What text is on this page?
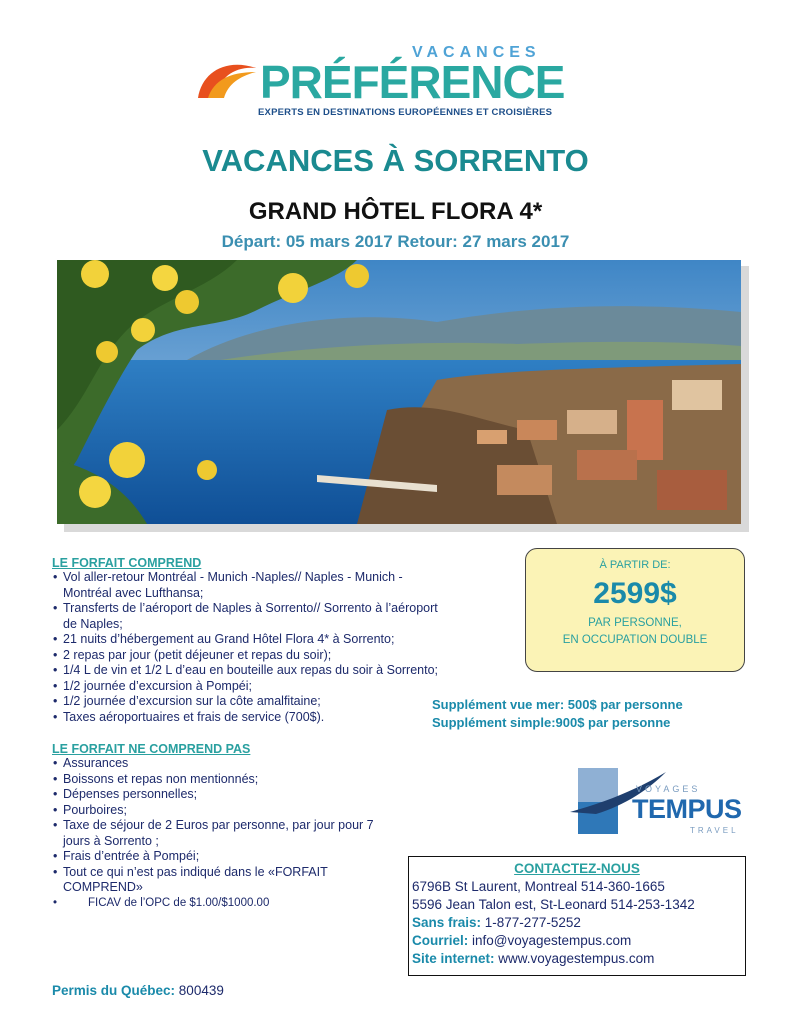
VACANCES
PRÉFÉRENCE
EXPERTS EN DESTINATIONS EUROPÉENNES ET CROISIÈRES
VACANCES À SORRENTO
GRAND HÔTEL FLORA 4*
Départ: 05 mars 2017 Retour: 27 mars 2017
LE FORFAIT COMPREND
• Vol aller-retour Montréal - Munich -Naples// Naples - Munich - Montréal avec Lufthansa;
• Transferts de l’aéroport de Naples à Sorrento// Sorrento à l’aéroport de Naples;
• 21 nuits d’hébergement au Grand Hôtel Flora 4* à Sorrento;
• 2 repas par jour (petit déjeuner et repas du soir);
• 1/4 L de vin et 1/2 L d’eau en bouteille aux repas du soir à Sorrento;
• 1/2 journée d’excursion à Pompéi;
• 1/2 journée d’excursion sur la côte amalfitaine;
• Taxes aéroportuaires et frais de service (700$).
LE FORFAIT NE COMPREND PAS
• Assurances
• Boissons et repas non mentionnés;
• Dépenses personnelles;
• Pourboires;
• Taxe de séjour de 2 Euros par personne, par jour pour 7 jours à Sorrento ;
• Frais d’entrée à Pompéi;
• Tout ce qui n’est pas indiqué dans le «FORFAIT COMPREND»
• FICAV de l’OPC de $1.00/$1000.00
À PARTIR DE:
2599$
PAR PERSONNE,
EN OCCUPATION DOUBLE
Supplément vue mer: 500$ par personne
Supplément simple:900$ par personne
VOYAGES
TEMPUS
TRAVEL
CONTACTEZ-NOUS
6796B St Laurent, Montreal 514-360-1665
5596 Jean Talon est, St-Leonard 514-253-1342
Sans frais: 1-877-277-5252
Courriel: info@voyagestempus.com
Site internet: www.voyagestempus.com
Permis du Québec: 800439
